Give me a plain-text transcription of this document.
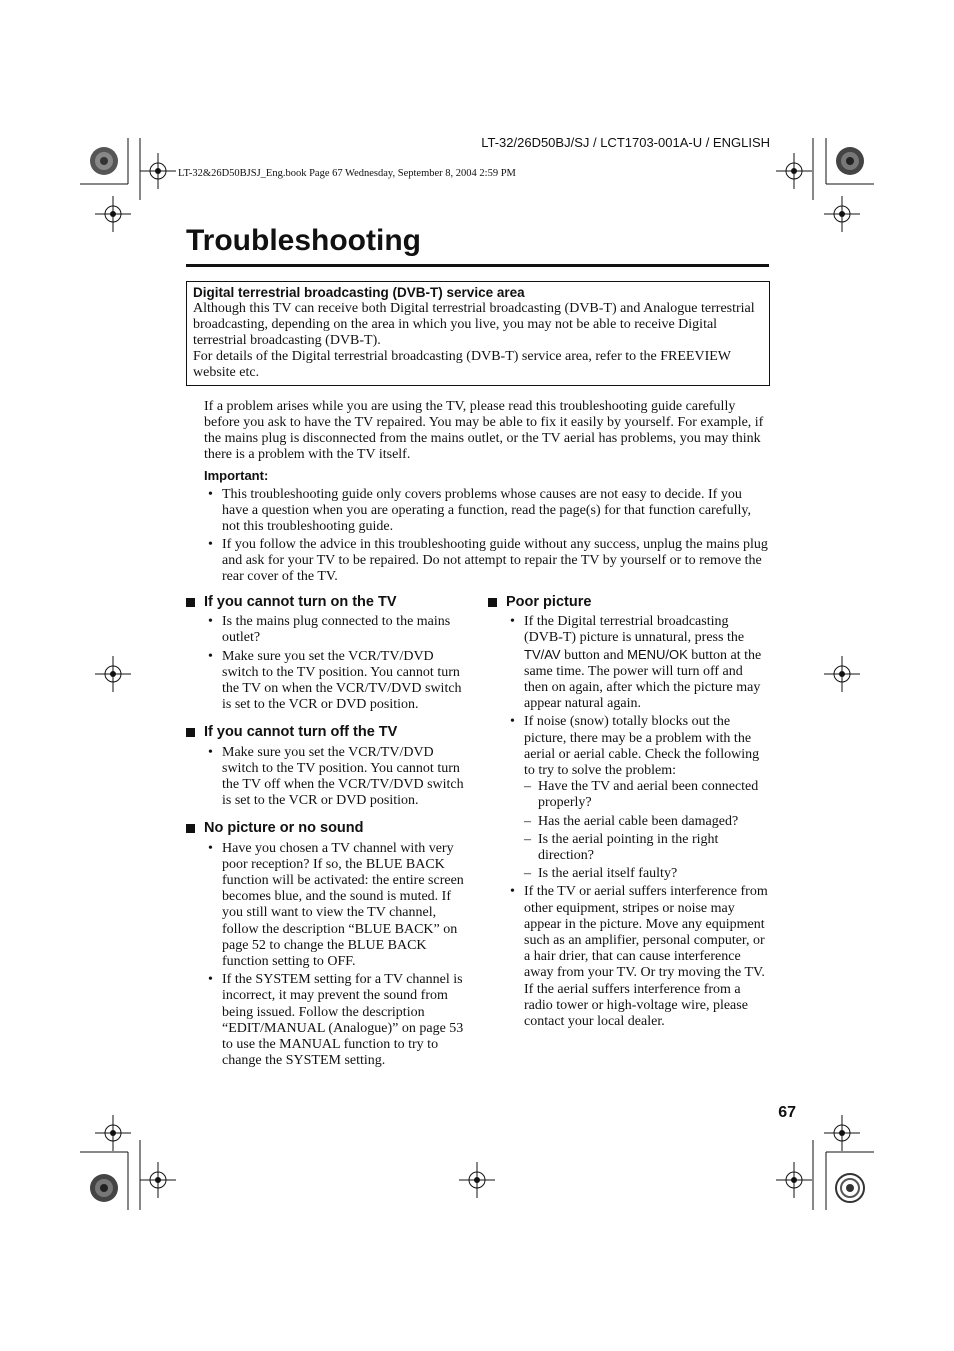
LT-32/26D50BJ/SJ / LCT1703-001A-U / ENGLISH
LT-32&26D50BJSJ_Eng.book Page 67 Wednesday, September 8, 2004 2:59 PM
Troubleshooting
Digital terrestrial broadcasting (DVB-T) service area

Although this TV can receive both Digital terrestrial broadcasting (DVB-T) and Analogue terrestrial broadcasting, depending on the area in which you live, you may not be able to receive Digital terrestrial broadcasting (DVB-T).

For details of the Digital terrestrial broadcasting (DVB-T) service area, refer to the FREEVIEW website etc.

If a problem arises while you are using the TV, please read this troubleshooting guide carefully before you ask to have the TV repaired. You may be able to fix it easily by yourself. For example, if the mains plug is disconnected from the mains outlet, or the TV aerial has problems, you may think there is a problem with the TV itself.

Important:
• This troubleshooting guide only covers problems whose causes are not easy to decide. If you have a question when you are operating a function, read the page(s) for that function carefully, not this troubleshooting guide.
• If you follow the advice in this troubleshooting guide without any success, unplug the mains plug and ask for your TV to be repaired. Do not attempt to repair the TV by yourself or to remove the rear cover of the TV.
If you cannot turn on the TV
• Is the mains plug connected to the mains outlet?
• Make sure you set the VCR/TV/DVD switch to the TV position. You cannot turn the TV on when the VCR/TV/DVD switch is set to the VCR or DVD position.
If you cannot turn off the TV
• Make sure you set the VCR/TV/DVD switch to the TV position. You cannot turn the TV off when the VCR/TV/DVD switch is set to the VCR or DVD position.
No picture or no sound
• Have you chosen a TV channel with very poor reception? If so, the BLUE BACK function will be activated: the entire screen becomes blue, and the sound is muted. If you still want to view the TV channel, follow the description “BLUE BACK” on page 52 to change the BLUE BACK function setting to OFF.
• If the SYSTEM setting for a TV channel is incorrect, it may prevent the sound from being issued. Follow the description “EDIT/MANUAL (Analogue)” on page 53 to use the MANUAL function to try to change the SYSTEM setting.
Poor picture
• If the Digital terrestrial broadcasting (DVB-T) picture is unnatural, press the TV/AV button and MENU/OK button at the same time. The power will turn off and then on again, after which the picture may appear natural again.
• If noise (snow) totally blocks out the picture, there may be a problem with the aerial or aerial cable. Check the following to try to solve the problem:
– Have the TV and aerial been connected properly?
– Has the aerial cable been damaged?
– Is the aerial pointing in the right direction?
– Is the aerial itself faulty?
• If the TV or aerial suffers interference from other equipment, stripes or noise may appear in the picture. Move any equipment such as an amplifier, personal computer, or a hair drier, that can cause interference away from your TV. Or try moving the TV. If the aerial suffers interference from a radio tower or high-voltage wire, please contact your local dealer.
67
